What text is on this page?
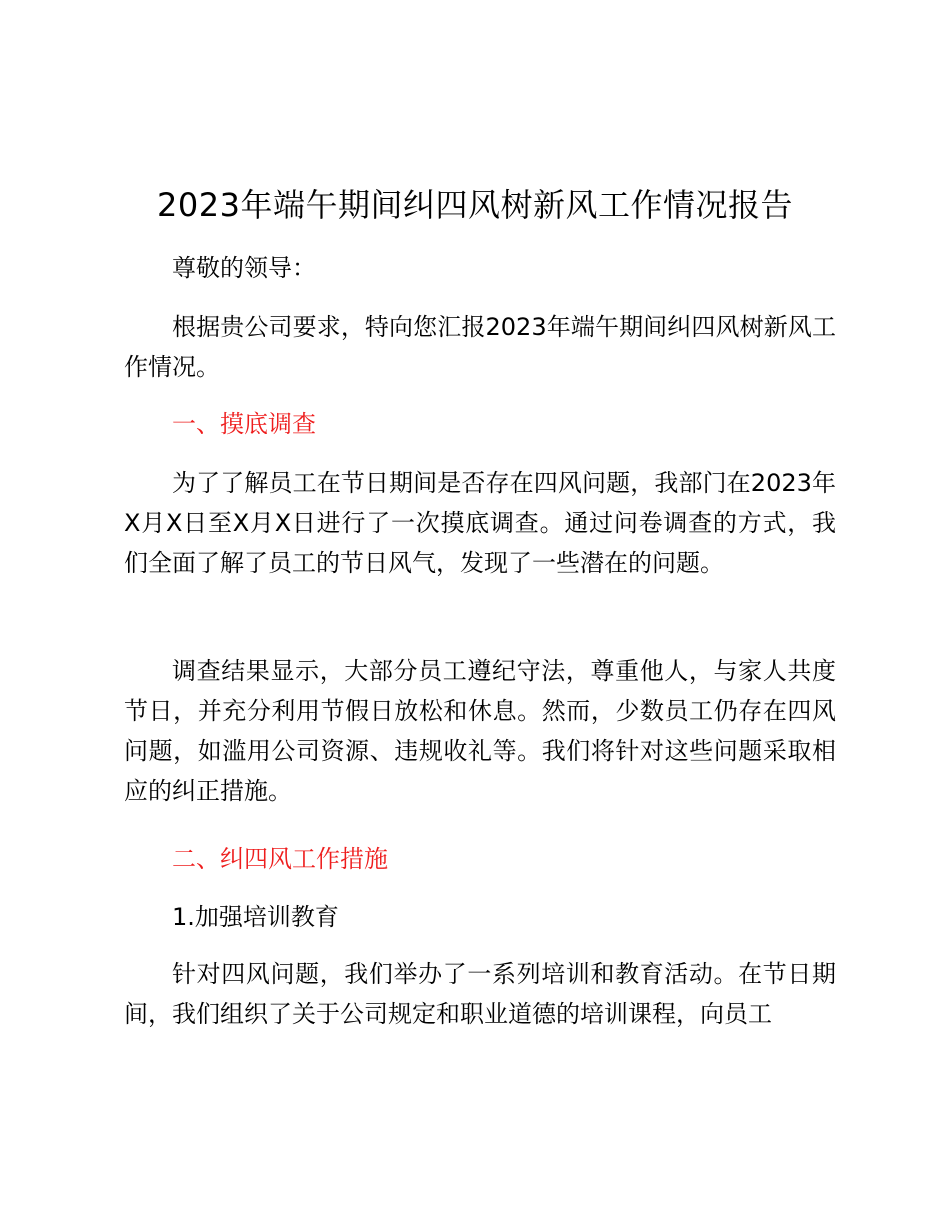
2023年端午期间纠四风树新风工作情况报告

尊敬的领导：

根据贵公司要求，特向您汇报2023年端午期间纠四风树新风工作情况。

一、摸底调查

为了了解员工在节日期间是否存在四风问题，我部门在2023年X月X日至X月X日进行了一次摸底调查。通过问卷调查的方式，我们全面了解了员工的节日风气，发现了一些潜在的问题。

调查结果显示，大部分员工遵纪守法，尊重他人，与家人共度节日，并充分利用节假日放松和休息。然而，少数员工仍存在四风问题，如滥用公司资源、违规收礼等。我们将针对这些问题采取相应的纠正措施。

二、纠四风工作措施

1.加强培训教育

针对四风问题，我们举办了一系列培训和教育活动。在节日期间，我们组织了关于公司规定和职业道德的培训课程，向员工
